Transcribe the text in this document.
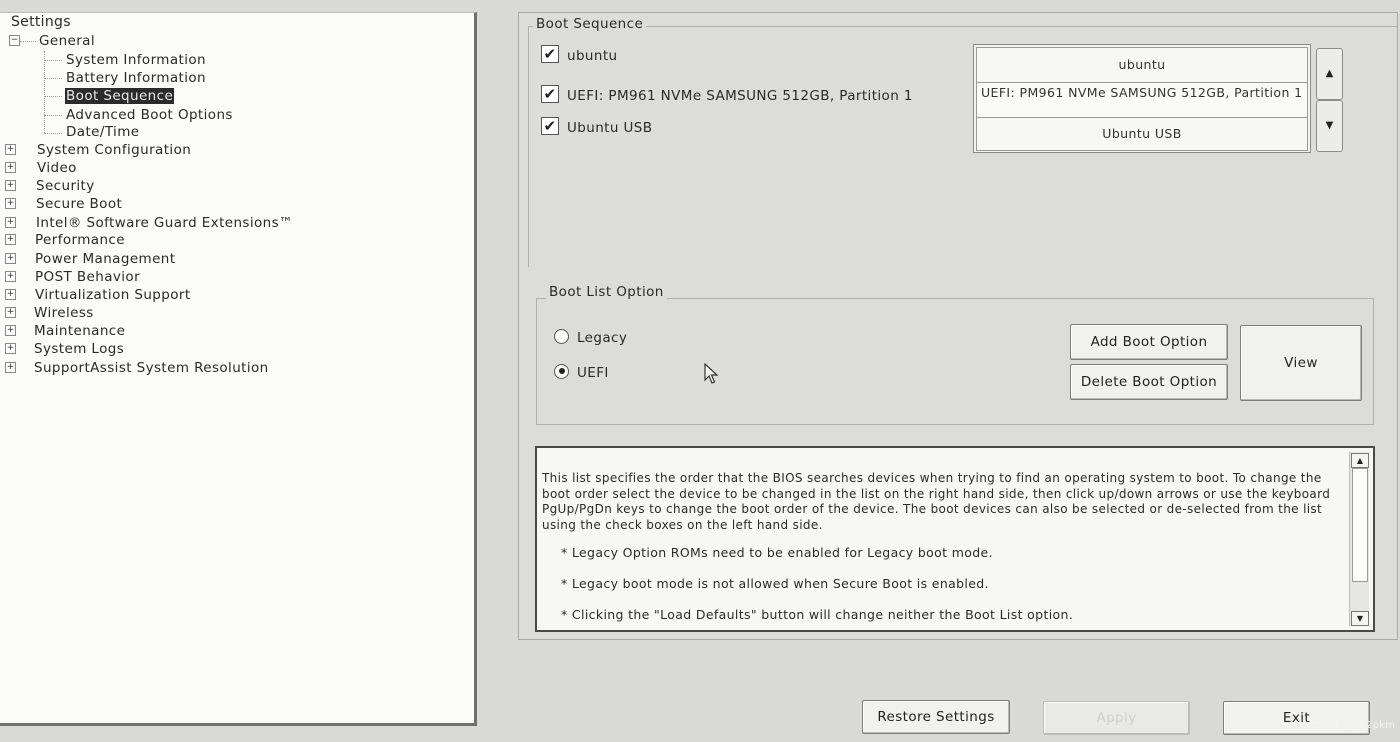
Settings
− General
System Information
Battery Information
Boot Sequence
Advanced Boot Options
Date/Time
+ System Configuration
+ Video
+ Security
+ Secure Boot
+ Intel® Software Guard Extensions™
+ Performance
+ Power Management
+ POST Behavior
+ Virtualization Support
+ Wireless
+ Maintenance
+ System Logs
+ SupportAssist System Resolution
Boot Sequence
✔ ubuntu
✔ UEFI: PM961 NVMe SAMSUNG 512GB, Partition 1
✔ Ubuntu USB
ubuntu
UEFI: PM961 NVMe SAMSUNG 512GB, Partition 1
Ubuntu USB
▲
▼
Boot List Option
Legacy
UEFI
Add Boot Option
Delete Boot Option
View
This list specifies the order that the BIOS searches devices when trying to find an operating system to boot. To change the boot order select the device to be changed in the list on the right hand side, then click up/down arrows or use the keyboard PgUp/PgDn keys to change the boot order of the device. The boot devices can also be selected or de-selected from the list using the check boxes on the left hand side.
* Legacy Option ROMs need to be enabled for Legacy boot mode.
* Legacy boot mode is not allowed when Secure Boot is enabled.
* Clicking the "Load Defaults" button will change neither the Boot List option.
▲
▼
Restore Settings	Apply	Exit CSDN @762pkm
